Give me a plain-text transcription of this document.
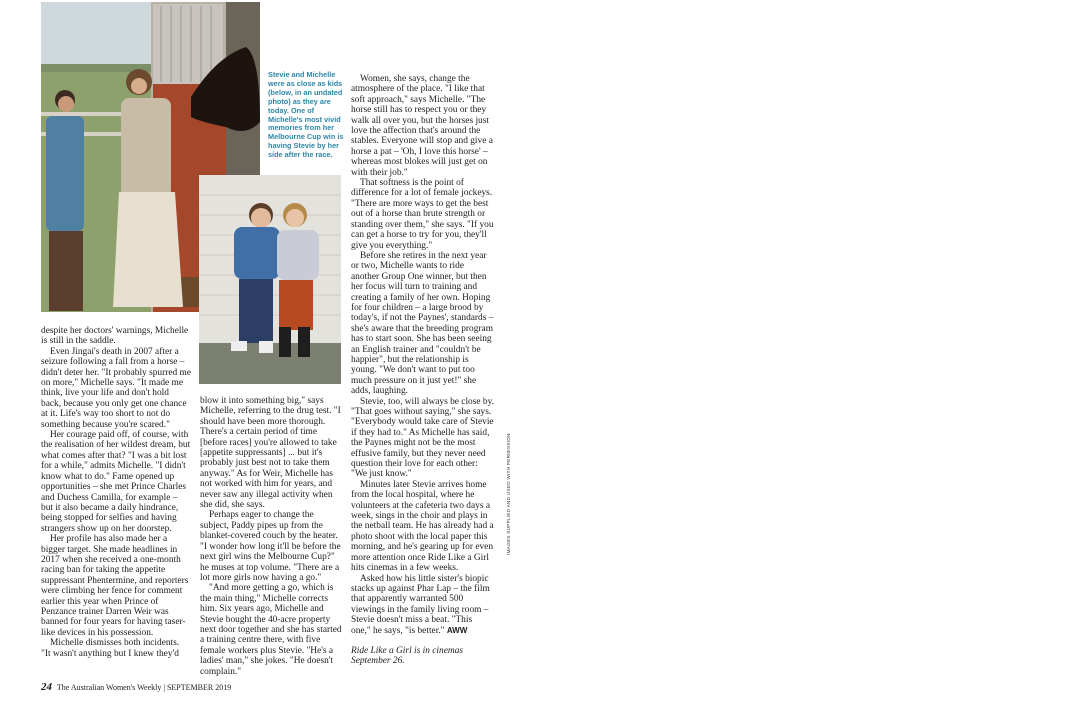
Stevie and Michelle were as close as kids (below, in an undated photo) as they are today. One of Michelle's most vivid memories from her Melbourne Cup win is having Stevie by her side after the race.

despite her doctors' warnings, Michelle is still in the saddle.

Even Jingai's death in 2007 after a seizure following a fall from a horse – didn't deter her. "It probably spurred me on more," Michelle says. "It made me think, live your life and don't hold back, because you only get one chance at it. Life's way too short to not do something because you're scared."

Her courage paid off, of course, with the realisation of her wildest dream, but what comes after that? "I was a bit lost for a while," admits Michelle. "I didn't know what to do." Fame opened up opportunities – she met Prince Charles and Duchess Camilla, for example – but it also became a daily hindrance, being stopped for selfies and having strangers show up on her doorstep.

Her profile has also made her a bigger target. She made headlines in 2017 when she received a one-month racing ban for taking the appetite suppressant Phentermine, and reporters were climbing her fence for comment earlier this year when Prince of Penzance trainer Darren Weir was banned for four years for having taser-like devices in his possession.

Michelle dismisses both incidents. "It wasn't anything but I knew they'd

blow it into something big," says Michelle, referring to the drug test. "I should have been more thorough. There's a certain period of time [before races] you're allowed to take [appetite suppressants] ... but it's probably just best not to take them anyway." As for Weir, Michelle has not worked with him for years, and never saw any illegal activity when she did, she says.

Perhaps eager to change the subject, Paddy pipes up from the blanket-covered couch by the heater. "I wonder how long it'll be before the next girl wins the Melbourne Cup?" he muses at top volume. "There are a lot more girls now having a go."

"And more getting a go, which is the main thing," Michelle corrects him. Six years ago, Michelle and Stevie bought the 40-acre property next door together and she has started a training centre there, with five female workers plus Stevie. "He's a ladies' man," she jokes. "He doesn't complain."

Women, she says, change the atmosphere of the place. "I like that soft approach," says Michelle. "The horse still has to respect you or they walk all over you, but the horses just love the affection that's around the stables. Everyone will stop and give a horse a pat – 'Oh, I love this horse' – whereas most blokes will just get on with their job."

That softness is the point of difference for a lot of female jockeys. "There are more ways to get the best out of a horse than brute strength or standing over them," she says. "If you can get a horse to try for you, they'll give you everything."

Before she retires in the next year or two, Michelle wants to ride another Group One winner, but then her focus will turn to training and creating a family of her own. Hoping for four children – a large brood by today's, if not the Paynes', standards – she's aware that the breeding program has to start soon. She has been seeing an English trainer and "couldn't be happier", but the relationship is young. "We don't want to put too much pressure on it just yet!" she adds, laughing.

Stevie, too, will always be close by. "That goes without saying," she says. "Everybody would take care of Stevie if they had to." As Michelle has said, the Paynes might not be the most effusive family, but they never need question their love for each other: "We just know."

Minutes later Stevie arrives home from the local hospital, where he volunteers at the cafeteria two days a week, sings in the choir and plays in the netball team. He has already had a photo shoot with the local paper this morning, and he's gearing up for even more attention once Ride Like a Girl hits cinemas in a few weeks.

Asked how his little sister's biopic stacks up against Phar Lap – the film that apparently warranted 500 viewings in the family living room – Stevie doesn't miss a beat. "This one," he says, "is better." AWW

Ride Like a Girl is in cinemas September 26.

IMAGES SUPPLIED AND USED WITH PERMISSION
24 The Australian Women's Weekly | SEPTEMBER 2019
